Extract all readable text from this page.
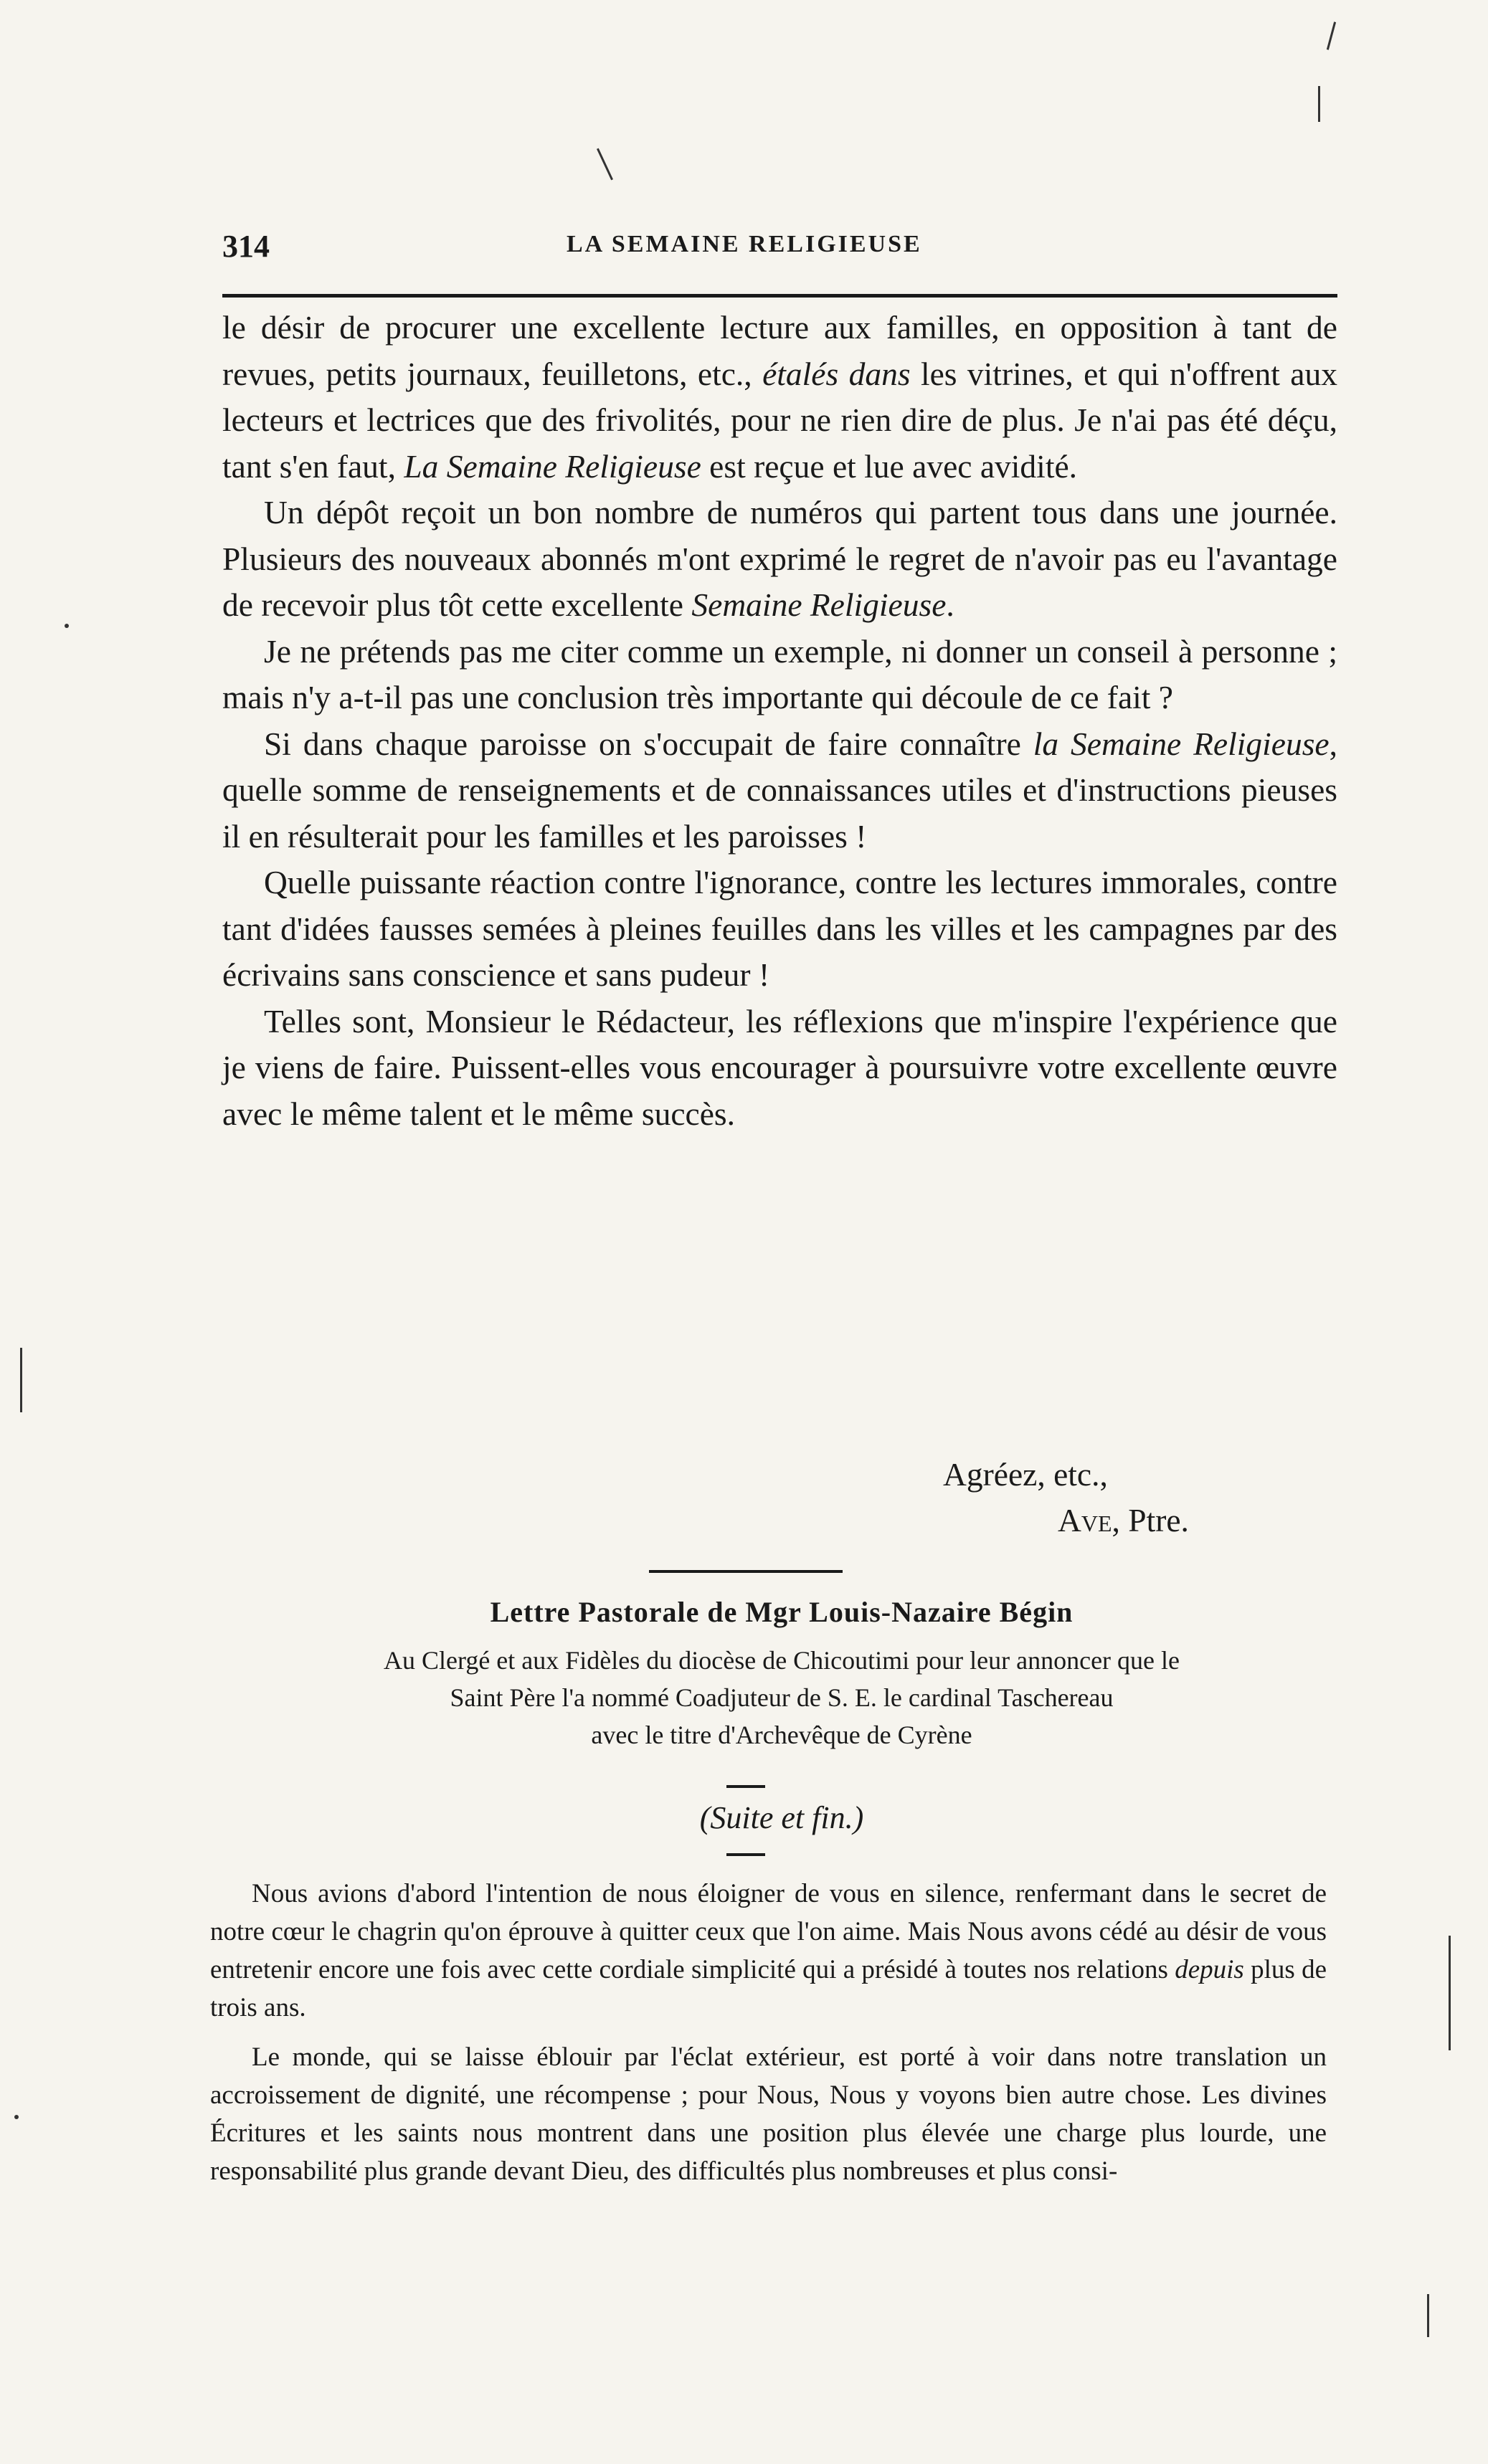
314	LA SEMAINE RELIGIEUSE

le désir de procurer une excellente lecture aux familles, en opposition à tant de revues, petits journaux, feuilletons, etc., étalés dans les vitrines, et qui n'offrent aux lecteurs et lectrices que des frivolités, pour ne rien dire de plus. Je n'ai pas été déçu, tant s'en faut, La Semaine Religieuse est reçue et lue avec avidité.

Un dépôt reçoit un bon nombre de numéros qui partent tous dans une journée. Plusieurs des nouveaux abonnés m'ont exprimé le regret de n'avoir pas eu l'avantage de recevoir plus tôt cette excellente Semaine Religieuse.

Je ne prétends pas me citer comme un exemple, ni donner un conseil à personne ; mais n'y a-t-il pas une conclusion très importante qui découle de ce fait ?

Si dans chaque paroisse on s'occupait de faire connaître la Semaine Religieuse, quelle somme de renseignements et de connaissances utiles et d'instructions pieuses il en résulterait pour les familles et les paroisses !

Quelle puissante réaction contre l'ignorance, contre les lectures immorales, contre tant d'idées fausses semées à pleines feuilles dans les villes et les campagnes par des écrivains sans conscience et sans pudeur !

Telles sont, Monsieur le Rédacteur, les réflexions que m'inspire l'expérience que je viens de faire. Puissent-elles vous encourager à poursuivre votre excellente œuvre avec le même talent et le même succès.

Agréez, etc.,
Ave, Ptre.
Lettre Pastorale de Mgr Louis-Nazaire Bégin
Au Clergé et aux Fidèles du diocèse de Chicoutimi pour leur annoncer que le
Saint Père l'a nommé Coadjuteur de S. E. le cardinal Taschereau
avec le titre d'Archevêque de Cyrène
(Suite et fin.)

Nous avions d'abord l'intention de nous éloigner de vous en silence, renfermant dans le secret de notre cœur le chagrin qu'on éprouve à quitter ceux que l'on aime. Mais Nous avons cédé au désir de vous entretenir encore une fois avec cette cordiale simplicité qui a présidé à toutes nos relations depuis plus de trois ans.

Le monde, qui se laisse éblouir par l'éclat extérieur, est porté à voir dans notre translation un accroissement de dignité, une récompense ; pour Nous, Nous y voyons bien autre chose. Les divines Écritures et les saints nous montrent dans une position plus élevée une charge plus lourde, une responsabilité plus grande devant Dieu, des difficultés plus nombreuses et plus consi-
